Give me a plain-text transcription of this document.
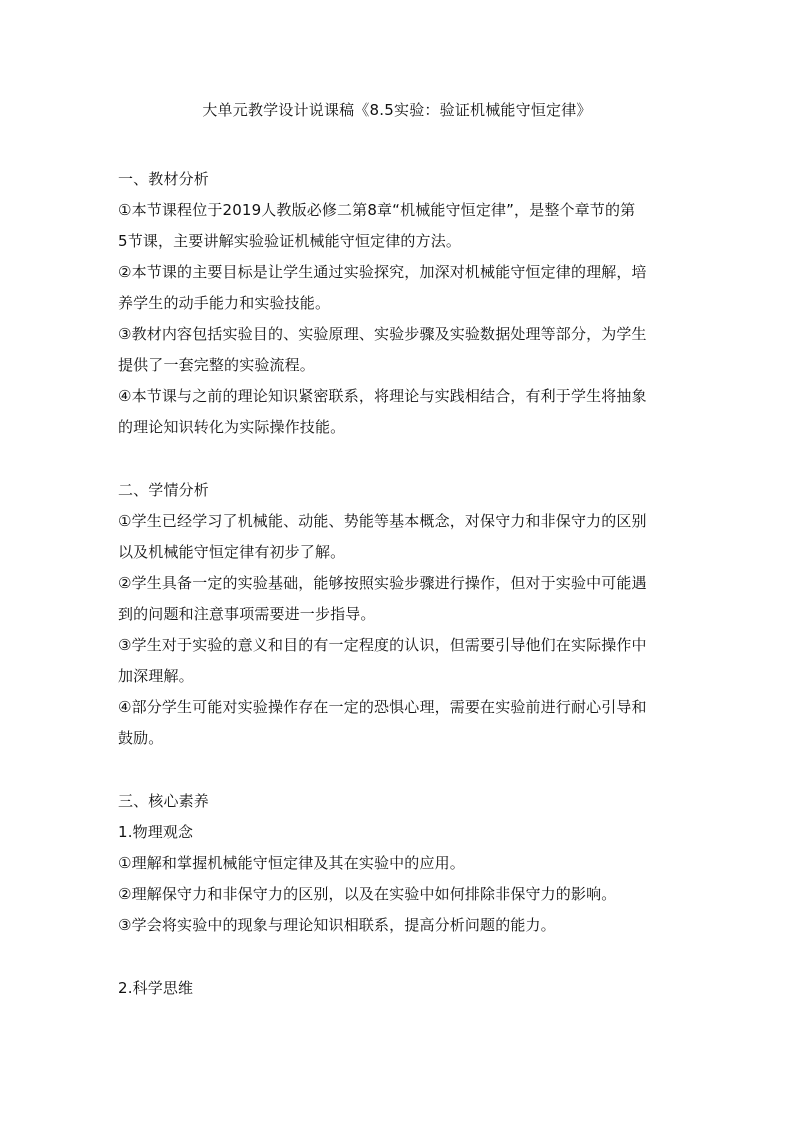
大单元教学设计说课稿《8.5实验：验证机械能守恒定律》
一、教材分析
①本节课程位于2019人教版必修二第8章“机械能守恒定律”，是整个章节的第
5节课，主要讲解实验验证机械能守恒定律的方法。
②本节课的主要目标是让学生通过实验探究，加深对机械能守恒定律的理解，培
养学生的动手能力和实验技能。
③教材内容包括实验目的、实验原理、实验步骤及实验数据处理等部分，为学生
提供了一套完整的实验流程。
④本节课与之前的理论知识紧密联系，将理论与实践相结合，有利于学生将抽象
的理论知识转化为实际操作技能。
二、学情分析
①学生已经学习了机械能、动能、势能等基本概念，对保守力和非保守力的区别
以及机械能守恒定律有初步了解。
②学生具备一定的实验基础，能够按照实验步骤进行操作，但对于实验中可能遇
到的问题和注意事项需要进一步指导。
③学生对于实验的意义和目的有一定程度的认识，但需要引导他们在实际操作中
加深理解。
④部分学生可能对实验操作存在一定的恐惧心理，需要在实验前进行耐心引导和
鼓励。
三、核心素养
1.物理观念
①理解和掌握机械能守恒定律及其在实验中的应用。
②理解保守力和非保守力的区别，以及在实验中如何排除非保守力的影响。
③学会将实验中的现象与理论知识相联系，提高分析问题的能力。
2.科学思维
